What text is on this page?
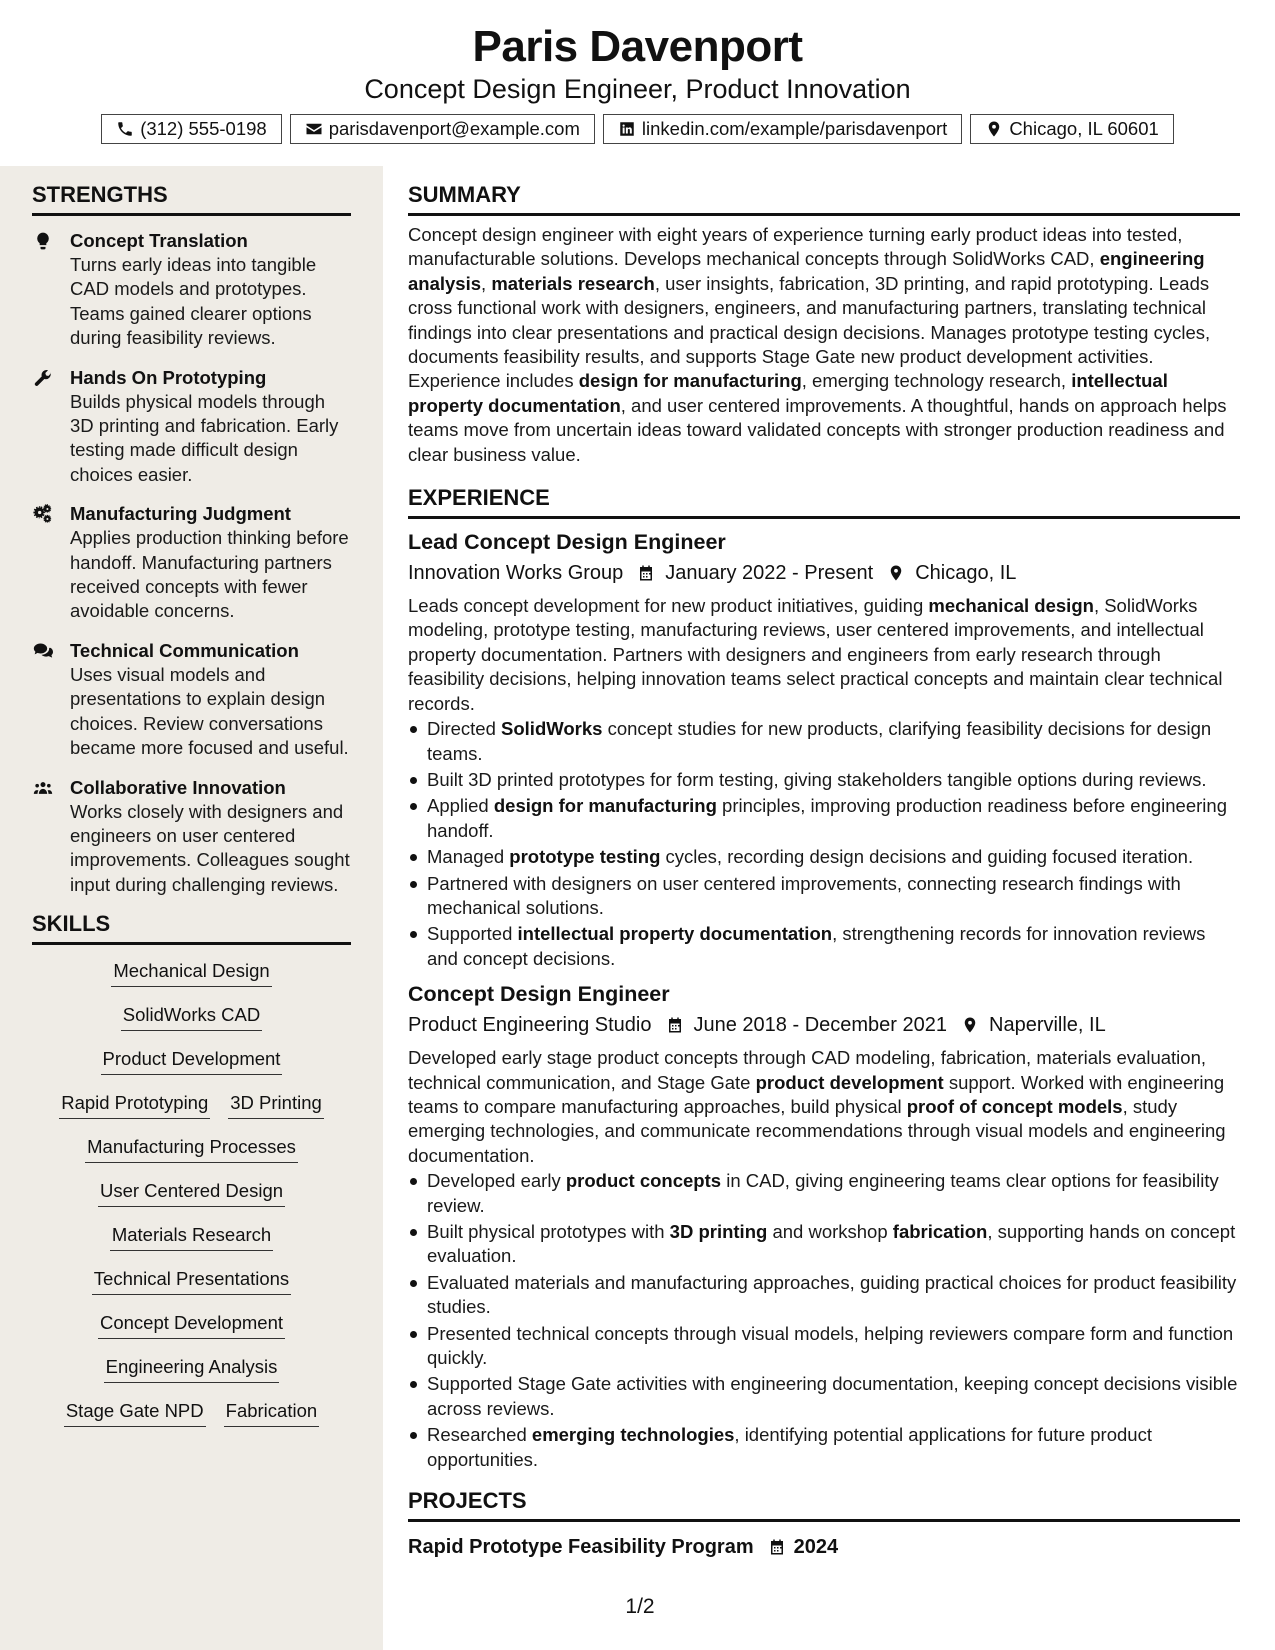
Paris Davenport
Concept Design Engineer, Product Innovation
(312) 555-0198	parisdavenport@example.com	linkedin.com/example/parisdavenport	Chicago, IL 60601
STRENGTHS
Concept Translation
Turns early ideas into tangible CAD models and prototypes. Teams gained clearer options during feasibility reviews.
Hands On Prototyping
Builds physical models through 3D printing and fabrication. Early testing made difficult design choices easier.
Manufacturing Judgment
Applies production thinking before handoff. Manufacturing partners received concepts with fewer avoidable concerns.
Technical Communication
Uses visual models and presentations to explain design choices. Review conversations became more focused and useful.
Collaborative Innovation
Works closely with designers and engineers on user centered improvements. Colleagues sought input during challenging reviews.
SKILLS
Mechanical Design
SolidWorks CAD
Product Development
Rapid Prototyping 3D Printing
Manufacturing Processes
User Centered Design
Materials Research
Technical Presentations
Concept Development
Engineering Analysis
Stage Gate NPD Fabrication
SUMMARY
Concept design engineer with eight years of experience turning early product ideas into tested, manufacturable solutions. Develops mechanical concepts through SolidWorks CAD, engineering analysis, materials research, user insights, fabrication, 3D printing, and rapid prototyping. Leads cross functional work with designers, engineers, and manufacturing partners, translating technical findings into clear presentations and practical design decisions. Manages prototype testing cycles, documents feasibility results, and supports Stage Gate new product development activities. Experience includes design for manufacturing, emerging technology research, intellectual property documentation, and user centered improvements. A thoughtful, hands on approach helps teams move from uncertain ideas toward validated concepts with stronger production readiness and clear business value.
EXPERIENCE
Lead Concept Design Engineer
Innovation Works Group January 2022 - Present Chicago, IL
Leads concept development for new product initiatives, guiding mechanical design, SolidWorks modeling, prototype testing, manufacturing reviews, user centered improvements, and intellectual property documentation. Partners with designers and engineers from early research through feasibility decisions, helping innovation teams select practical concepts and maintain clear technical records.
Directed SolidWorks concept studies for new products, clarifying feasibility decisions for design teams.
Built 3D printed prototypes for form testing, giving stakeholders tangible options during reviews.
Applied design for manufacturing principles, improving production readiness before engineering handoff.
Managed prototype testing cycles, recording design decisions and guiding focused iteration.
Partnered with designers on user centered improvements, connecting research findings with mechanical solutions.
Supported intellectual property documentation, strengthening records for innovation reviews and concept decisions.
Concept Design Engineer
Product Engineering Studio June 2018 - December 2021 Naperville, IL
Developed early stage product concepts through CAD modeling, fabrication, materials evaluation, technical communication, and Stage Gate product development support. Worked with engineering teams to compare manufacturing approaches, build physical proof of concept models, study emerging technologies, and communicate recommendations through visual models and engineering documentation.
Developed early product concepts in CAD, giving engineering teams clear options for feasibility review.
Built physical prototypes with 3D printing and workshop fabrication, supporting hands on concept evaluation.
Evaluated materials and manufacturing approaches, guiding practical choices for product feasibility studies.
Presented technical concepts through visual models, helping reviewers compare form and function quickly.
Supported Stage Gate activities with engineering documentation, keeping concept decisions visible across reviews.
Researched emerging technologies, identifying potential applications for future product opportunities.
PROJECTS
Rapid Prototype Feasibility Program 2024
1/2
